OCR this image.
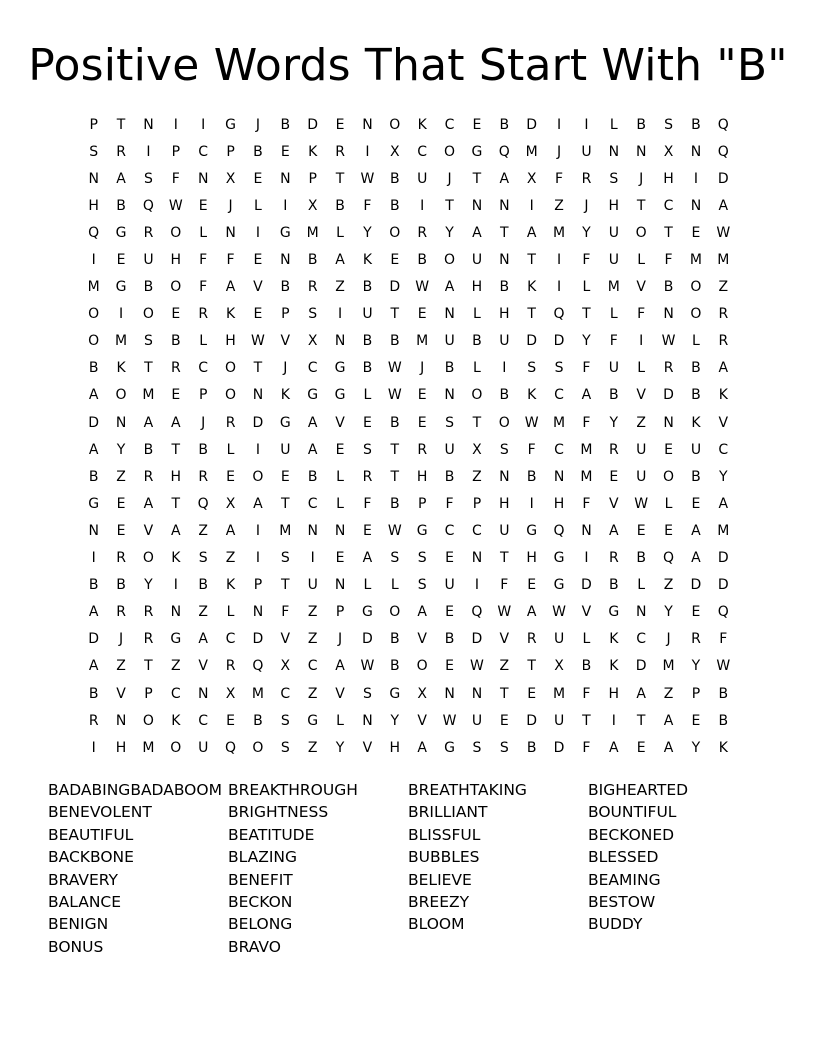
Positive Words That Start With "B"
P	T	N	I	I	G	J	B	D	E	N	O	K	C	E	B	D	I	I	L	B	S	B	Q
S	R	I	P	C	P	B	E	K	R	I	X	C	O	G	Q	M	J	U	N	N	X	N	Q
N	A	S	F	N	X	E	N	P	T	W	B	U	J	T	A	X	F	R	S	J	H	I	D
H	B	Q	W	E	J	L	I	X	B	F	B	I	T	N	N	I	Z	J	H	T	C	N	A
Q	G	R	O	L	N	I	G	M	L	Y	O	R	Y	A	T	A	M	Y	U	O	T	E	W
I	E	U	H	F	F	E	N	B	A	K	E	B	O	U	N	T	I	F	U	L	F	M	M
M	G	B	O	F	A	V	B	R	Z	B	D	W	A	H	B	K	I	L	M	V	B	O	Z
O	I	O	E	R	K	E	P	S	I	U	T	E	N	L	H	T	Q	T	L	F	N	O	R
O	M	S	B	L	H	W	V	X	N	B	B	M	U	B	U	D	D	Y	F	I	W	L	R
B	K	T	R	C	O	T	J	C	G	B	W	J	B	L	I	S	S	F	U	L	R	B	A
A	O	M	E	P	O	N	K	G	G	L	W	E	N	O	B	K	C	A	B	V	D	B	K
D	N	A	A	J	R	D	G	A	V	E	B	E	S	T	O	W	M	F	Y	Z	N	K	V
A	Y	B	T	B	L	I	U	A	E	S	T	R	U	X	S	F	C	M	R	U	E	U	C
B	Z	R	H	R	E	O	E	B	L	R	T	H	B	Z	N	B	N	M	E	U	O	B	Y
G	E	A	T	Q	X	A	T	C	L	F	B	P	F	P	H	I	H	F	V	W	L	E	A
N	E	V	A	Z	A	I	M	N	N	E	W	G	C	C	U	G	Q	N	A	E	E	A	M
I	R	O	K	S	Z	I	S	I	E	A	S	S	E	N	T	H	G	I	R	B	Q	A	D
B	B	Y	I	B	K	P	T	U	N	L	L	S	U	I	F	E	G	D	B	L	Z	D	D
A	R	R	N	Z	L	N	F	Z	P	G	O	A	E	Q	W	A	W	V	G	N	Y	E	Q
D	J	R	G	A	C	D	V	Z	J	D	B	V	B	D	V	R	U	L	K	C	J	R	F
A	Z	T	Z	V	R	Q	X	C	A	W	B	O	E	W	Z	T	X	B	K	D	M	Y	W
B	V	P	C	N	X	M	C	Z	V	S	G	X	N	N	T	E	M	F	H	A	Z	P	B
R	N	O	K	C	E	B	S	G	L	N	Y	V	W	U	E	D	U	T	I	T	A	E	B
I	H	M	O	U	Q	O	S	Z	Y	V	H	A	G	S	S	B	D	F	A	E	A	Y	K
BADABINGBADABOOM
BENEVOLENT
BEAUTIFUL
BACKBONE
BRAVERY
BALANCE
BENIGN
BONUS
BREAKTHROUGH
BRIGHTNESS
BEATITUDE
BLAZING
BENEFIT
BECKON
BELONG
BRAVO
BREATHTAKING
BRILLIANT
BLISSFUL
BUBBLES
BELIEVE
BREEZY
BLOOM
BIGHEARTED
BOUNTIFUL
BECKONED
BLESSED
BEAMING
BESTOW
BUDDY
